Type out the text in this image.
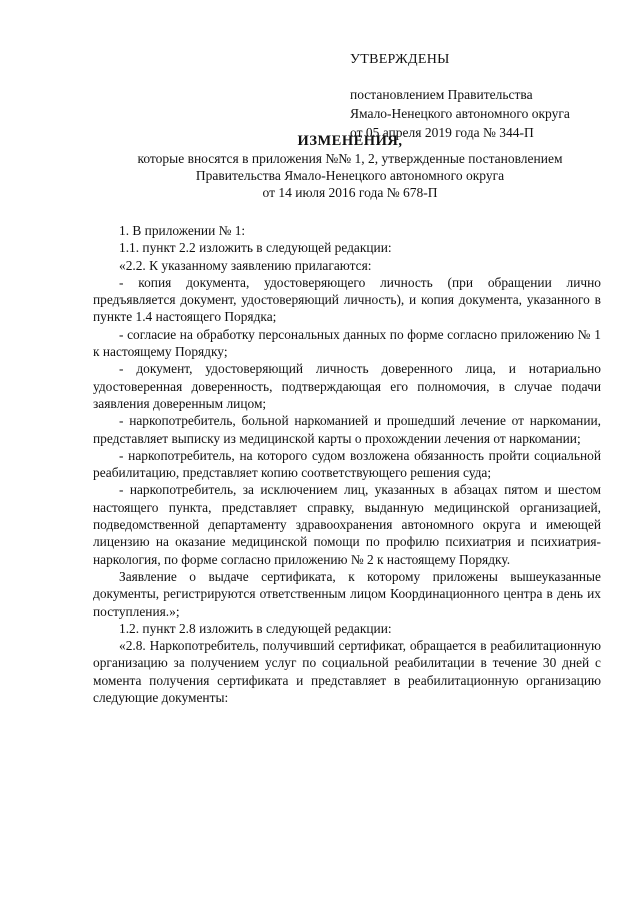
УТВЕРЖДЕНЫ
постановлением Правительства
Ямало-Ненецкого автономного округа
от 05 апреля 2019 года № 344-П
ИЗМЕНЕНИЯ,
которые вносятся в приложения №№ 1, 2, утвержденные постановлением
Правительства Ямало-Ненецкого автономного округа
от 14 июля 2016 года № 678-П

1. В приложении № 1:

1.1. пункт 2.2 изложить в следующей редакции:

«2.2. К указанному заявлению прилагаются:

- копия документа, удостоверяющего личность (при обращении лично предъявляется документ, удостоверяющий личность), и копия документа, указанного в пункте 1.4 настоящего Порядка;

- согласие на обработку персональных данных по форме согласно приложению № 1 к настоящему Порядку;

- документ, удостоверяющий личность доверенного лица, и нотариально удостоверенная доверенность, подтверждающая его полномочия, в случае подачи заявления доверенным лицом;

- наркопотребитель, больной наркоманией и прошедший лечение от наркомании, представляет выписку из медицинской карты о прохождении лечения от наркомании;

- наркопотребитель, на которого судом возложена обязанность пройти социальной реабилитацию, представляет копию соответствующего решения суда;

- наркопотребитель, за исключением лиц, указанных в абзацах пятом и шестом настоящего пункта, представляет справку, выданную медицинской организацией, подведомственной департаменту здравоохранения автономного округа и имеющей лицензию на оказание медицинской помощи по профилю психиатрия и психиатрия-наркология, по форме согласно приложению № 2 к настоящему Порядку.

Заявление о выдаче сертификата, к которому приложены вышеуказанные документы, регистрируются ответственным лицом Координационного центра в день их поступления.»;

1.2. пункт 2.8 изложить в следующей редакции:

«2.8. Наркопотребитель, получивший сертификат, обращается в реабилитационную организацию за получением услуг по социальной реабилитации в течение 30 дней с момента получения сертификата и представляет в реабилитационную организацию следующие документы:
